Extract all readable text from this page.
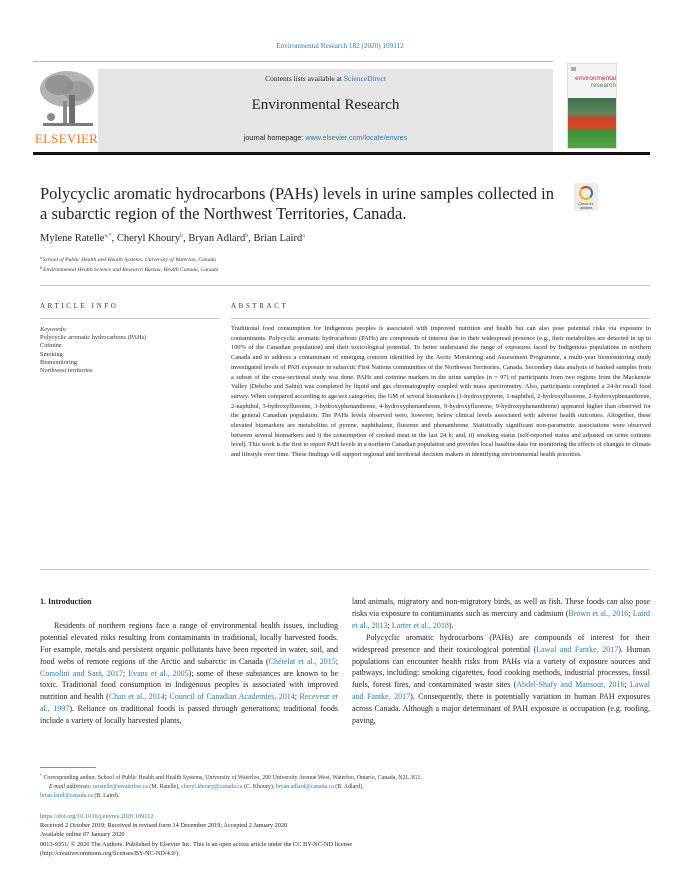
Environmental Research 182 (2020) 109112
ELSEVIER
Contents lists available at ScienceDirect
Environmental Research
journal homepage: www.elsevier.com/locate/envres
environmental
research
Polycyclic aromatic hydrocarbons (PAHs) levels in urine samples collected in a subarctic region of the Northwest Territories, Canada.	Check for updates
Mylene Ratelle$^{a,*}$, Cheryl Khoury$^b$, Bryan Adlard$^b$, Brian Laird$^a$
$^a$School of Public Health and Health Systems, University of Waterloo, Canada
$^b$Environmental Health Science and Research Bureau, Health Canada, Canada
ARTICLE INFO	ABSTRACT
Keywords:
Polycyclic aromatic hydrocarbons (PAHs)
Cotinine
Smoking
Biomonitoring
Northwest territories
Traditional food consumption for Indigenous peoples is associated with improved nutrition and health but can also pose potential risks via exposure to contaminants. Polycyclic aromatic hydrocarbons (PAHs) are compounds of interest due to their widespread presence (e.g., their metabolites are detected in up to 100% of the Canadian population) and their toxicological potential. To better understand the range of exposures faced by Indigenous populations in northern Canada and to address a contaminant of emerging concern identified by the Arctic Monitoring and Assessment Programme, a multi-year biomonitoring study investigated levels of PAH exposure in subarctic First Nations communities of the Northwest Territories, Canada. Secondary data analysis of banked samples from a subset of the cross-sectional study was done. PAHs and cotinine markers in the urine samples (n = 97) of participants from two regions from the Mackenzie Valley (Dehcho and Sahtú) was completed by liquid and gas chromatography coupled with mass spectrometry. Also, participants completed a 24-hr recall food survey. When compared according to age/sex categories, the GM of several biomarkers (1-hydroxypyrene, 1-naphthol, 2-hydroxyfluorene, 2-hydroxyphenanthrene, 2-naphthol, 3-hydroxyfluorene, 3-hydroxyphenanthrene, 4-hydroxyphenanthrene, 9-hydroxyfluorene, 9-hydroxyphenanthrene) appeared higher than observed for the general Canadian population. The PAHs levels observed were, however, below clinical levels associated with adverse health outcomes. Altogether, these elevated biomarkers are metabolites of pyrene, naphthalene, fluorene and phenanthrene. Statistically significant non-parametric associations were observed between several biomarkers and i) the consumption of cooked meat in the last 24 h; and, ii) smoking status (self-reported status and adjusted on urine cotinine level). This work is the first to report PAH levels in a northern Canadian population and provides local baseline data for monitoring the effects of changes to climate and lifestyle over time. These findings will support regional and territorial decision makers in identifying environmental health priorities.
1. Introduction

Residents of northern regions face a range of environmental health issues, including potential elevated risks resulting from contaminants in traditional, locally harvested foods. For example, metals and persistent organic pollutants have been reported in water, soil, and food webs of remote regions of the Arctic and subarctic in Canada (Chételat et al., 2015; Corsolini and Sarà, 2017; Evans et al., 2005); some of these substances are known to be toxic. Traditional food consumption in Indigenous peoples is associated with improved nutrition and health (Chan et al., 2014; Council of Canadian Academies, 2014; Receveur et al., 1997). Reliance on traditional foods is passed through generations; traditional foods include a variety of locally harvested plants,

land animals, migratory and non-migratory birds, as well as fish. These foods can also pose risks via exposure to contaminants such as mercury and cadmium (Brown et al., 2016; Laird et al., 2013; Larter et al., 2018).

Polycyclic aromatic hydrocarbons (PAHs) are compounds of interest for their widespread presence and their toxicological potential (Lawal and Fantke, 2017). Human populations can encounter health risks from PAHs via a variety of exposure sources and pathways, including: smoking cigarettes, food cooking methods, industrial processes, fossil fuels, forest fires, and contaminated waste sites (Abdel-Shafy and Mansour, 2016; Lawal and Fantke, 2017). Consequently, there is potentially variation in human PAH exposures across Canada. Although a major determinant of PAH exposure is occupation (e.g. roofing, paving,

* Corresponding author. School of Public Health and Health Systems, University of Waterloo, 200 University Avenue West, Waterloo, Ontario, Canada, N2L 3G1.
E-mail addresses: mratelle@uwaterloo.ca (M. Ratelle), cheryl.khoury@canada.ca (C. Khoury), bryan.adlard@canada.ca (B. Adlard),
brian.laird@canada.ca (B. Laird).
https://doi.org/10.1016/j.envres.2020.109112
Received 2 October 2019; Received in revised form 14 December 2019; Accepted 2 January 2020
Available online 07 January 2020
0013-9351/ © 2020 The Authors. Published by Elsevier Inc. This is an open access article under the CC BY-NC-ND license
(http://creativecommons.org/licenses/BY-NC-ND/4.0/).
